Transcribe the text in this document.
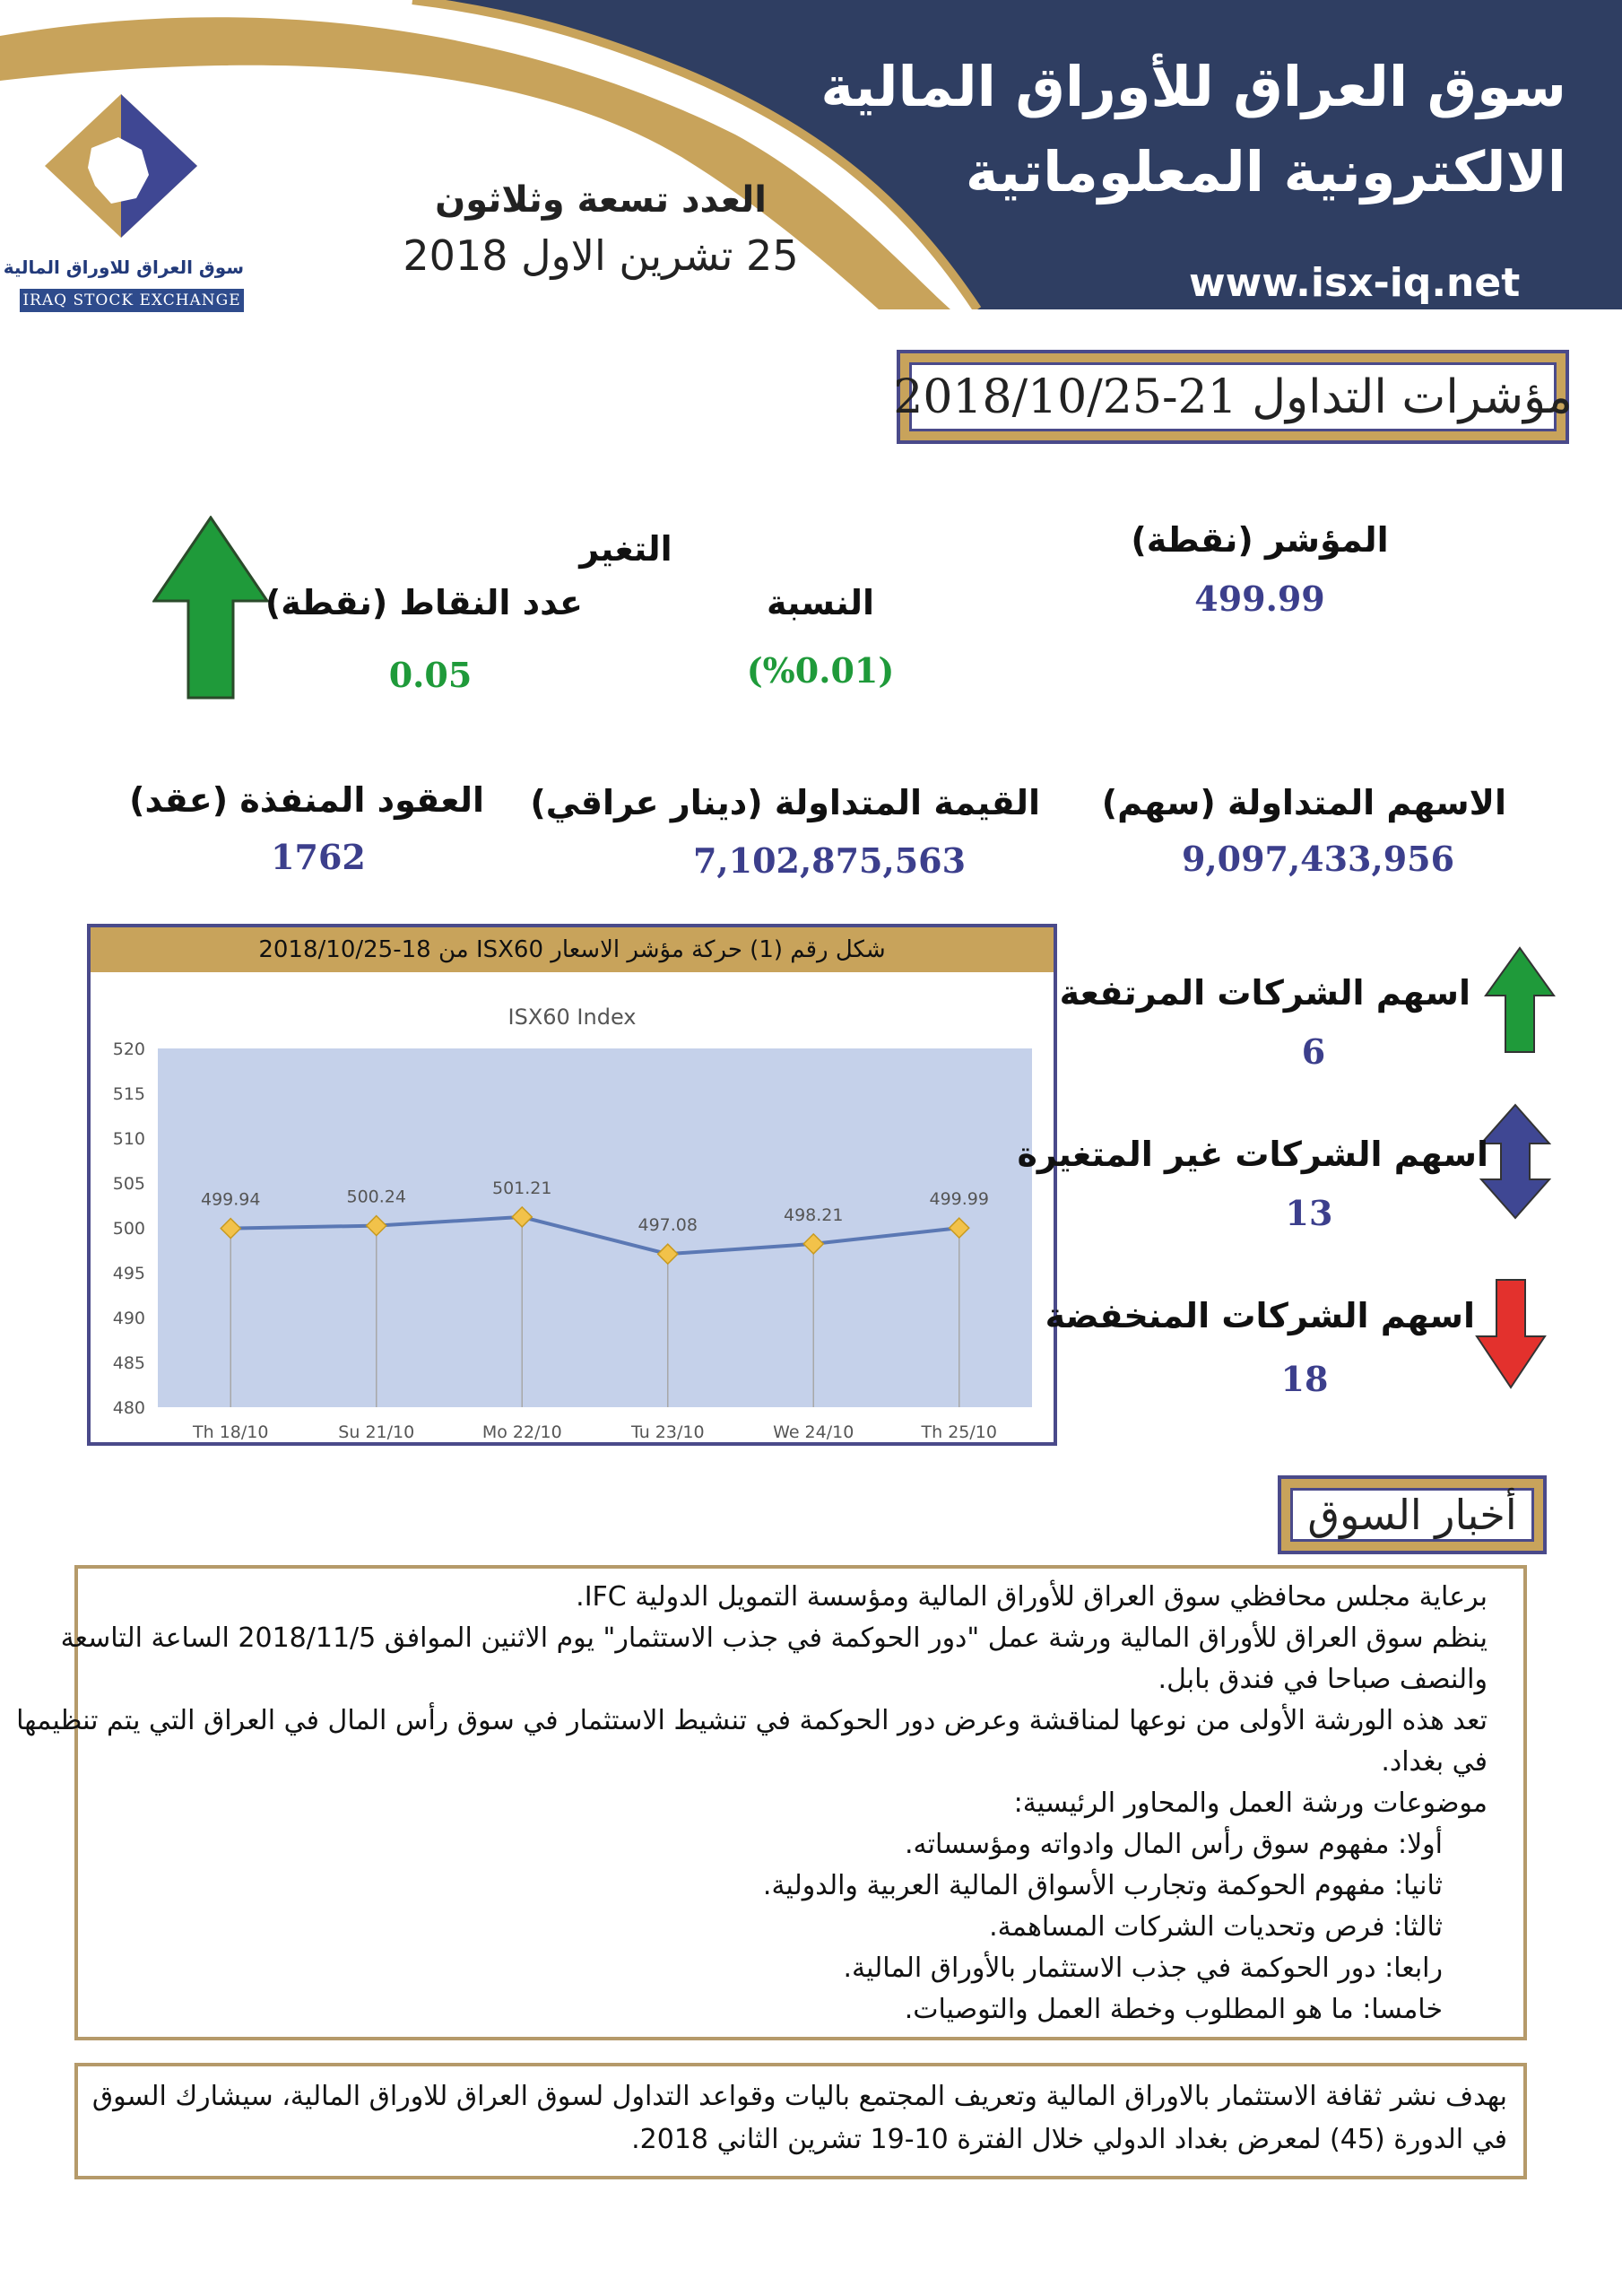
سوق العراق للاوراق المالية
IRAQ STOCK EXCHANGE
العدد تسعة وثلاثون
25 تشرين الاول 2018
سوق العراق للأوراق المالية
الالكترونية المعلوماتية
www.isx-iq.net
مؤشرات التداول 21-2018/10/25
المؤشر (نقطة)
499.99
التغير
النسبة
(%0.01)
عدد النقاط (نقطة)
0.05
الاسهم المتداولة (سهم)
9,097,433,956
القيمة المتداولة (دينار عراقي)
7,102,875,563
العقود المنفذة (عقد)
1762
شكل رقم (1) حركة مؤشر الاسعار ISX60 من 18-2018/10/25
ISX60 Index
520
515
510
505
500
495
490
485
480
Th 18/10	Su 21/10	Mo 22/10	Tu 23/10	We 24/10	Th 25/10
499.94	500.24	501.21
497.08
498.21
499.99
اسهم الشركات المرتفعة
6
اسهم الشركات غير المتغيرة
13
اسهم الشركات المنخفضة
18
أخبار السوق
برعاية مجلس محافظي سوق العراق للأوراق المالية ومؤسسة التمويل الدولية IFC.
ينظم سوق العراق للأوراق المالية ورشة عمل "دور الحوكمة في جذب الاستثمار" يوم الاثنين الموافق 2018/11/5 الساعة التاسعة
والنصف صباحا في فندق بابل.
تعد هذه الورشة الأولى من نوعها لمناقشة وعرض دور الحوكمة في تنشيط الاستثمار في سوق رأس المال في العراق التي يتم تنظيمها
في بغداد.
موضوعات ورشة العمل والمحاور الرئيسية:
أولا: مفهوم سوق رأس المال وادواته ومؤسساته.
ثانيا: مفهوم الحوكمة وتجارب الأسواق المالية العربية والدولية.
ثالثا: فرص وتحديات الشركات المساهمة.
رابعا: دور الحوكمة في جذب الاستثمار بالأوراق المالية.
خامسا: ما هو المطلوب وخطة العمل والتوصيات.
بهدف نشر ثقافة الاستثمار بالاوراق المالية وتعريف المجتمع باليات وقواعد التداول لسوق العراق للاوراق المالية، سيشارك السوق
في الدورة (45) لمعرض بغداد الدولي خلال الفترة 10-19 تشرين الثاني 2018.
